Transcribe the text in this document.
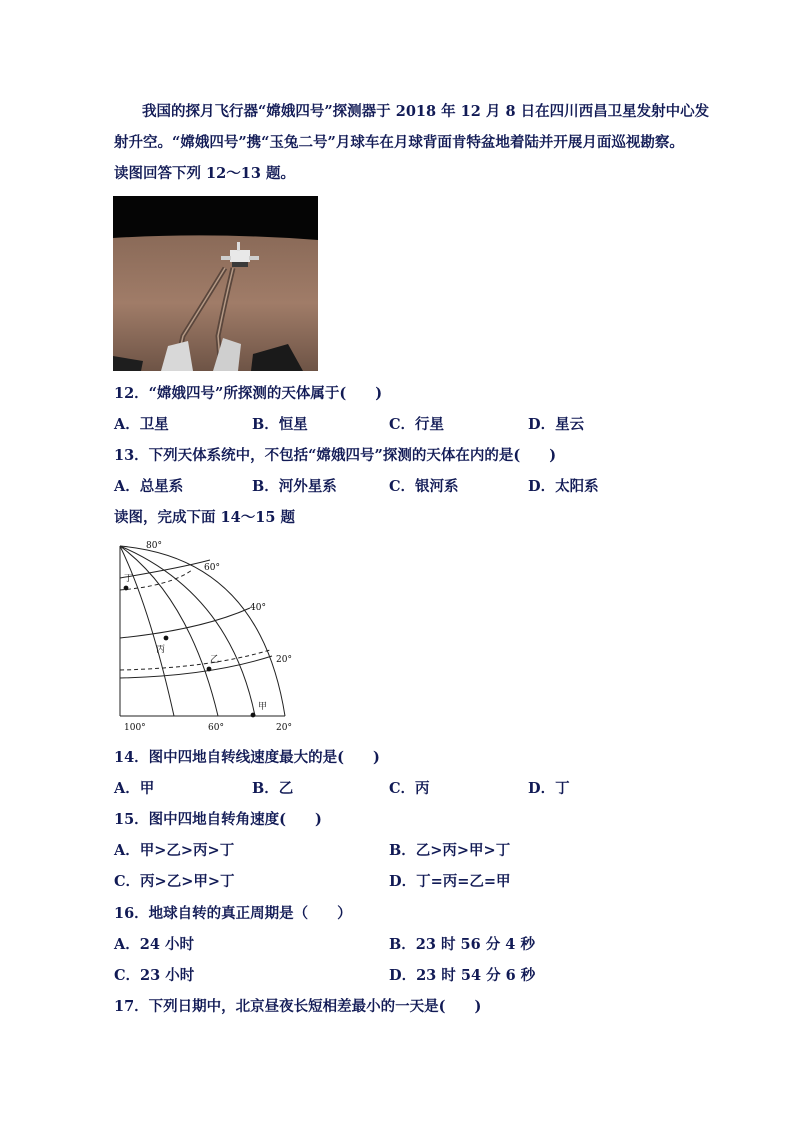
我国的探月飞行器“嫦娥四号”探测器于 2018 年 12 月 8 日在四川西昌卫星发射中心发
射升空。“嫦娥四号”携“玉兔二号”月球车在月球背面肯特盆地着陆并开展月面巡视勘察。
读图回答下列 12～13 题。
12．“嫦娥四号”所探测的天体属于(　　)
A．卫星	B．恒星	C．行星	D．星云
13．下列天体系统中，不包括“嫦娥四号”探测的天体在内的是(　　)
A．总星系	B．河外星系	C．银河系	D．太阳系
读图，完成下面 14～15 题
80°
60°
40°
20°
100°	60°	20°
丁
丙
乙
甲
14．图中四地自转线速度最大的是(　　)
A．甲	B．乙	C．丙	D．丁
15．图中四地自转角速度(　　)
A．甲>乙>丙>丁	B．乙>丙>甲>丁
C．丙>乙>甲>丁	D．丁=丙=乙=甲
16．地球自转的真正周期是（　　）
A．24 小时	B．23 时 56 分 4 秒
C．23 小时	D．23 时 54 分 6 秒
17．下列日期中，北京昼夜长短相差最小的一天是(　　)
